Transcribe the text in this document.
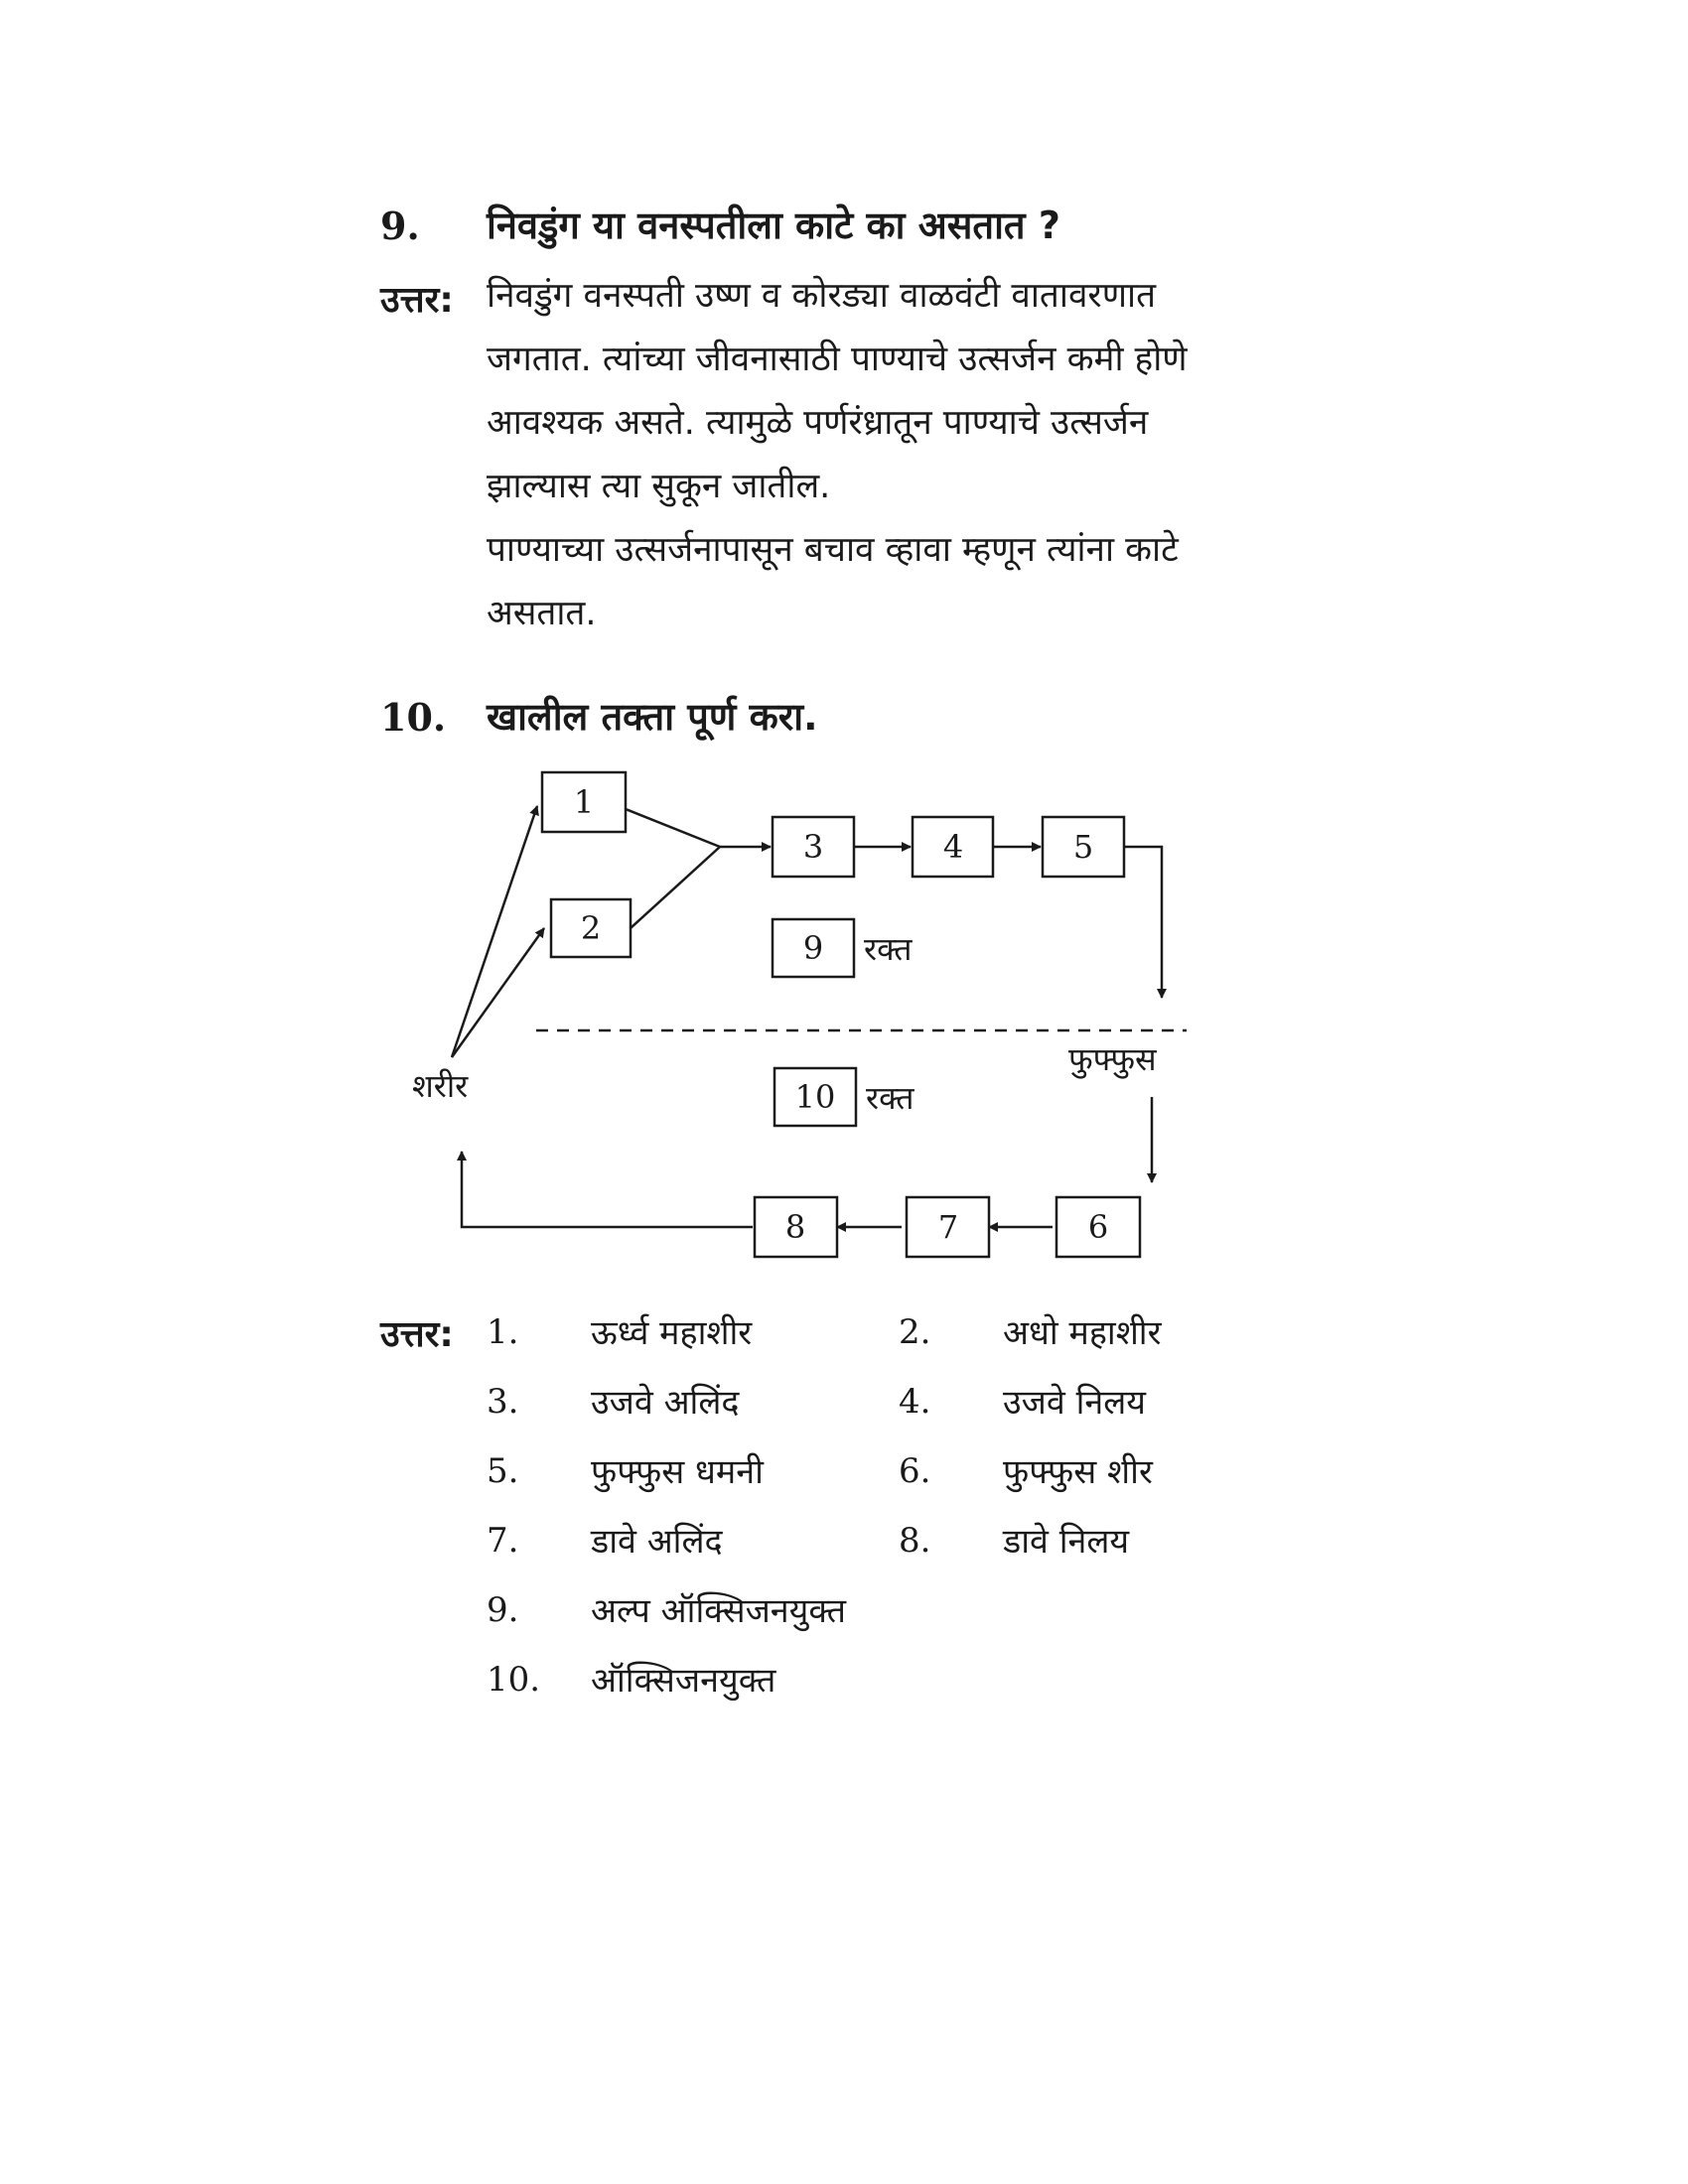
9. निवडुंग या वनस्पतीला काटे का असतात ?
उत्तर: निवडुंग वनस्पती उष्ण व कोरड्या वाळवंटी वातावरणात

जगतात. त्यांच्या जीवनासाठी पाण्याचे उत्सर्जन कमी होणे

आवश्यक असते. त्यामुळे पर्णरंध्रातून पाण्याचे उत्सर्जन

झाल्यास त्या सुकून जातील.

पाण्याच्या उत्सर्जनापासून बचाव व्हावा म्हणून त्यांना काटे

असतात.

10. खालील तक्ता पूर्ण करा.
1
2
3	4	5
6
7
8
9
10
रक्त
रक्त
शरीर
फुफ्फुस
उत्तर: 1. ऊर्ध्व महाशीर	2. अधो महाशीर
3. उजवे अलिंद	4. उजवे निलय
5. फुफ्फुस धमनी	6. फुफ्फुस शीर
7. डावे अलिंद	8. डावे निलय
9. अल्प ऑक्सिजनयुक्त
10. ऑक्सिजनयुक्त
